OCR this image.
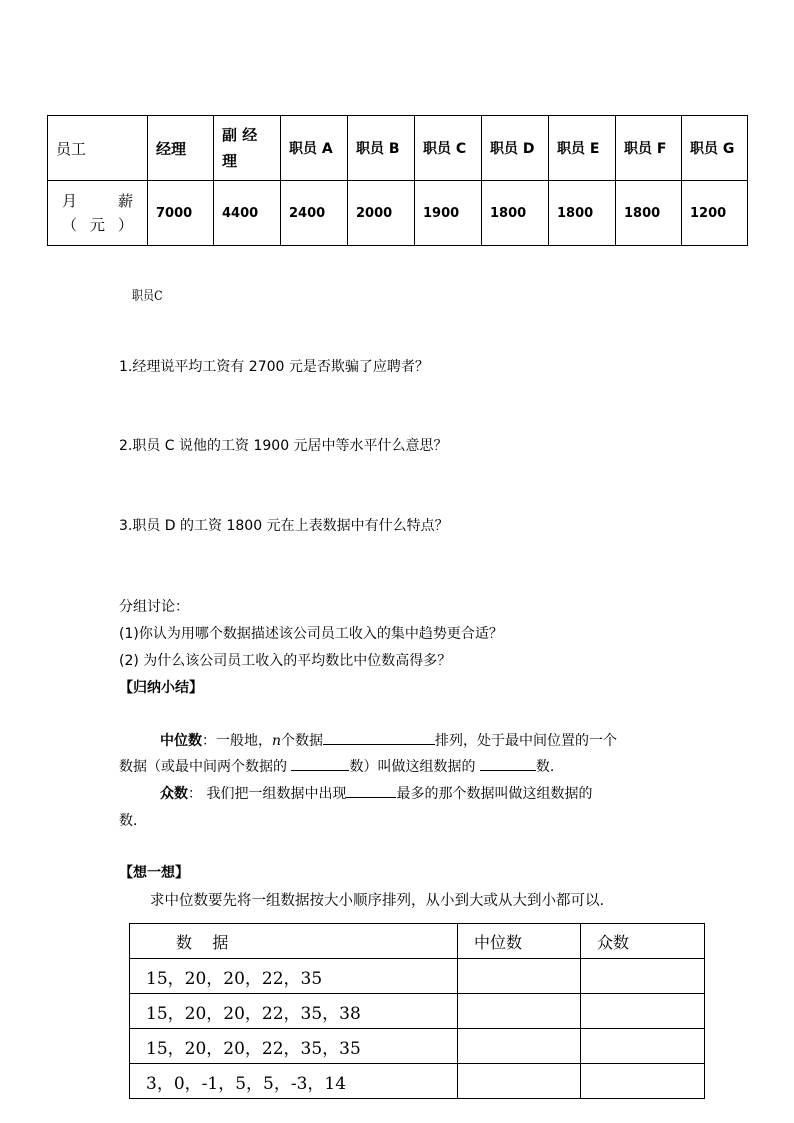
员工	经理	副 经 理	职员 A	职员 B	职员 C	职员 D	职员 E	职员 F	职员 G
月 薪（元）	7000	4400	2400	2000	1900	1800	1800	1800	1200
职员C
1.经理说平均工资有 2700 元是否欺骗了应聘者？
2.职员 C 说他的工资 1900 元居中等水平什么意思？
3.职员 D 的工资 1800 元在上表数据中有什么特点？
分组讨论：
(1)你认为用哪个数据描述该公司员工收入的集中趋势更合适？
(2) 为什么该公司员工收入的平均数比中位数高得多？
【归纳小结】
中位数：一般地，n个数据	排列，处于最中间位置的一个
数据（或最中间两个数据的	数）叫做这组数据的	数.
众数： 我们把一组数据中出现	最多的那个数据叫做这组数据的
数.
【想一想】
求中位数要先将一组数据按大小顺序排列，从小到大或从大到小都可以.
数    据	中位数	众数
15，20，20，22，35		
15，20，20，22，35，38		
15，20，20，22，35，35		
3，0，-1，5，5，-3，14		
